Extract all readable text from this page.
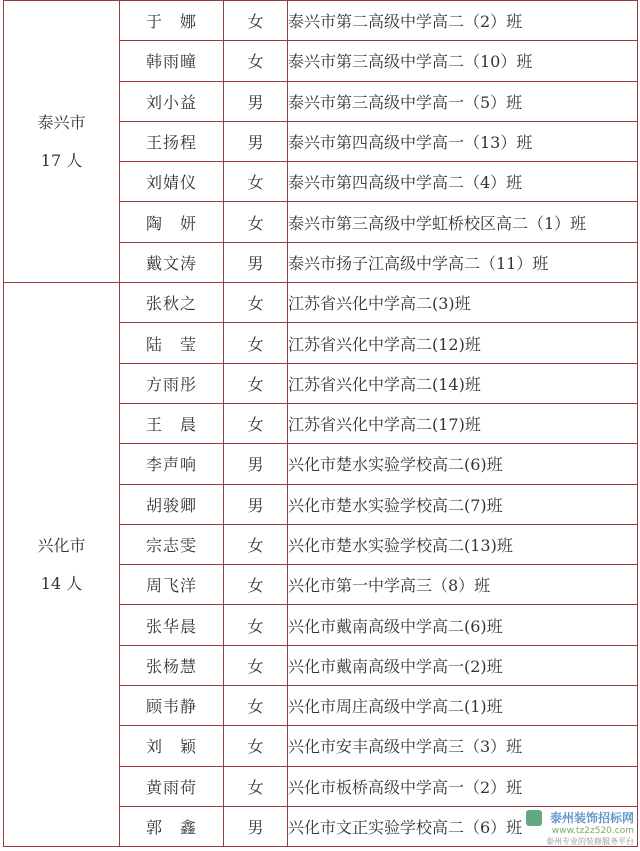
泰兴市
17 人	于　娜	女	泰兴市第二高级中学高二（2）班
	韩雨曈	女	泰兴市第三高级中学高二（10）班
	刘小益	男	泰兴市第三高级中学高一（5）班
	王扬程	男	泰兴市第四高级中学高一（13）班
	刘婧仪	女	泰兴市第四高级中学高二（4）班
	陶　妍	女	泰兴市第三高级中学虹桥校区高二（1）班
	戴文涛	男	泰兴市扬子江高级中学高二（11）班

兴化市
14 人	张秋之	女	江苏省兴化中学高二(3)班
	陆　莹	女	江苏省兴化中学高二(12)班
	方雨彤	女	江苏省兴化中学高二(14)班
	王　晨	女	江苏省兴化中学高二(17)班
	李声响	男	兴化市楚水实验学校高二(6)班
	胡骏卿	男	兴化市楚水实验学校高二(7)班
	宗志雯	女	兴化市楚水实验学校高二(13)班
	周飞洋	女	兴化市第一中学高三（8）班
	张华晨	女	兴化市戴南高级中学高二(6)班
	张杨慧	女	兴化市戴南高级中学高一(2)班
	顾韦静	女	兴化市周庄高级中学高二(1)班
	刘　颖	女	兴化市安丰高级中学高三（3）班
	黄雨荷	女	兴化市板桥高级中学高一（2）班
	郭　鑫	男	兴化市文正实验学校高二（6）班
泰州装饰招标网
www.tz2z520.com
泰州专业的装修服务平台
